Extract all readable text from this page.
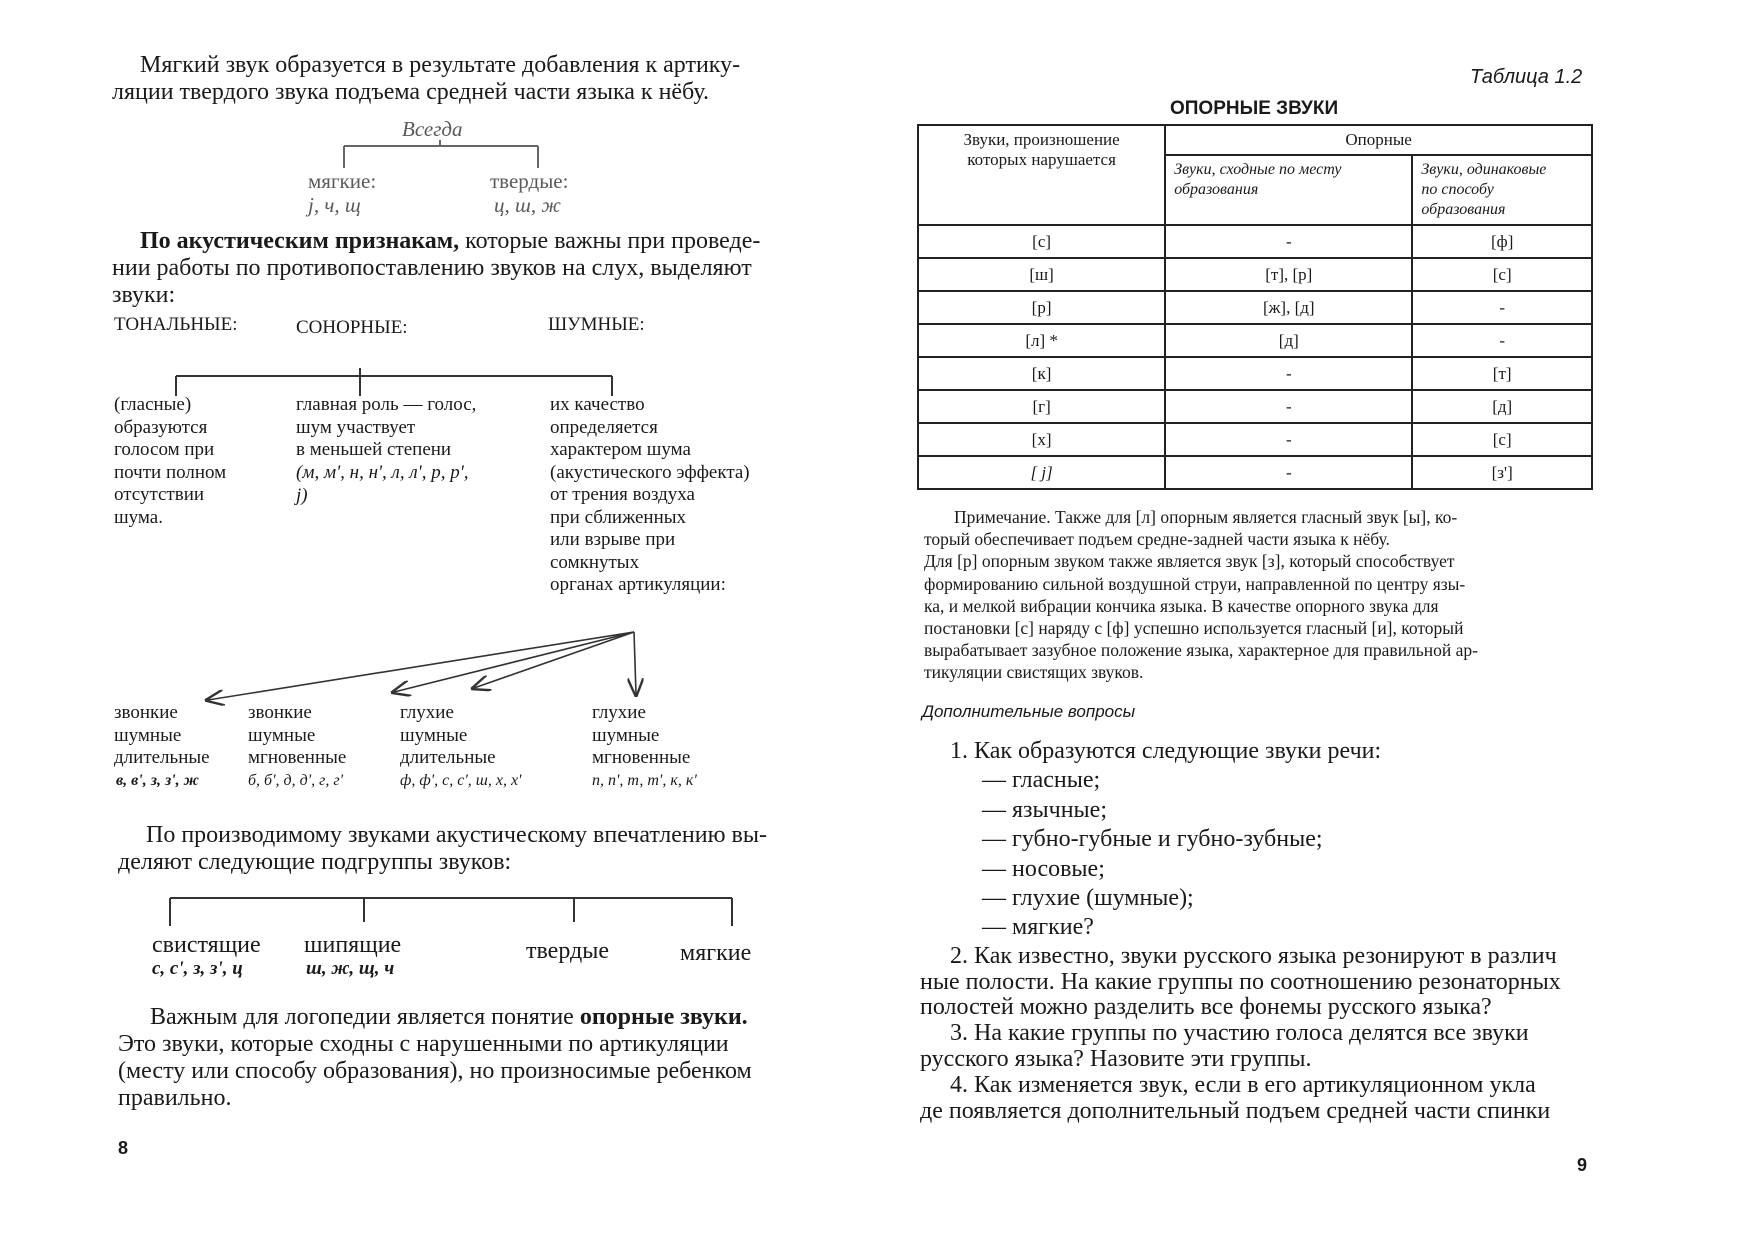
Мягкий звук образуется в результате добавления к артику-
ляции твердого звука подъема средней части языка к нёбу.
Всегда
мягкие:
j, ч, щ
твердые:
ц, ш, ж
По акустическим признакам, которые важны при проведе-
нии работы по противопоставлению звуков на слух, выделяют
звуки:
ТОНАЛЬНЫЕ:	СОНОРНЫЕ:	ШУМНЫЕ:
(гласные)
образуются
голосом при
почти полном
отсутствии
шума.
главная роль — голос,
шум участвует
в меньшей степени
(м, м', н, н', л, л', р, р',
j)
их качество
определяется
характером шума
(акустического эффекта)
от трения воздуха
при сближенных
или взрыве при
сомкнутых
органах артикуляции:
звонкие
шумные
длительные
в, в', з, з', ж
звонкие
шумные
мгновенные
б, б', д, д', г, г'
глухие
шумные
длительные
ф, ф', с, с', ш, х, х'
глухие
шумные
мгновенные
п, п', т, т', к, к'
По производимому звуками акустическому впечатлению вы-
деляют следующие подгруппы звуков:
свистящие
с, с', з, з', ц
шипящие
ш, ж, щ, ч
твердые	мягкие
Важным для логопедии является понятие опорные звуки.
Это звуки, которые сходны с нарушенными по артикуляции
(месту или способу образования), но произносимые ребенком
правильно.
8
Таблица 1.2
ОПОРНЫЕ ЗВУКИ
Звуки, произношение
которых нарушается	Опорные	

	Звуки, сходные по месту
образования	Звуки, одинаковые
по способу
образования

[с]	-	[ф]
[ш]	[т], [р]	[с]
[р]	[ж], [д]	-
[л] *	[д]	-
[к]	-	[т]
[г]	-	[д]
[х]	-	[с]
[ j]	-	[з']
Примечание. Также для [л] опорным является гласный звук [ы], ко-
торый обеспечивает подъем средне-задней части языка к нёбу.
Для [р] опорным звуком также является звук [з], который способствует
формированию сильной воздушной струи, направленной по центру язы-
ка, и мелкой вибрации кончика языка. В качестве опорного звука для
постановки [с] наряду с [ф] успешно используется гласный [и], который
вырабатывает зазубное положение языка, характерное для правильной ар-
тикуляции свистящих звуков.
Дополнительные вопросы
1. Как образуются следующие звуки речи:
— гласные;
— язычные;
— губно-губные и губно-зубные;
— носовые;
— глухие (шумные);
— мягкие?
2. Как известно, звуки русского языка резонируют в различ
ные полости. На какие группы по соотношению резонаторных
полостей можно разделить все фонемы русского языка?
3. На какие группы по участию голоса делятся все звуки
русского языка? Назовите эти группы.
4. Как изменяется звук, если в его артикуляционном укла
де появляется дополнительный подъем средней части спинки
9
